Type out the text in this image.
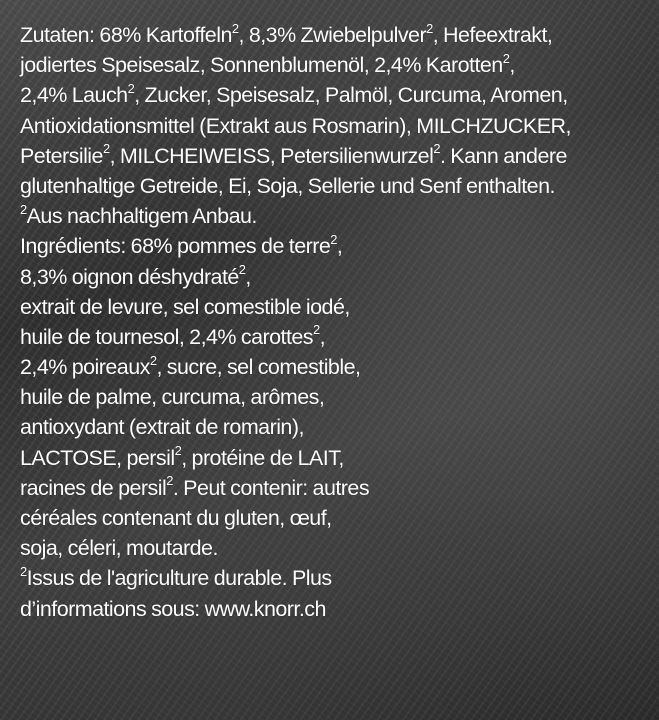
Zutaten: 68% Kartoffeln$^2$, 8,3% Zwiebelpulver$^2$, Hefeextrakt,
jodiertes Speisesalz, Sonnenblumenöl, 2,4% Karotten$^2$,
2,4% Lauch$^2$, Zucker, Speisesalz, Palmöl, Curcuma, Aromen,
Antioxidationsmittel (Extrakt aus Rosmarin), MILCHZUCKER,
Petersilie$^2$, MILCHEIWEISS, Petersilienwurzel$^2$. Kann andere
glutenhaltige Getreide, Ei, Soja, Sellerie und Senf enthalten.
$^2$Aus nachhaltigem Anbau.
Ingrédients: 68% pommes de terre$^2$,
8,3% oignon déshydraté$^2$,
extrait de levure, sel comestible iodé,
huile de tournesol, 2,4% carottes$^2$,
2,4% poireaux$^2$, sucre, sel comestible,
huile de palme, curcuma, arômes,
antioxydant (extrait de romarin),
LACTOSE, persil$^2$, protéine de LAIT,
racines de persil$^2$. Peut contenir: autres
céréales contenant du gluten, œuf,
soja, céleri, moutarde.
$^2$Issus de l'agriculture durable. Plus
d’informations sous: www.knorr.ch
